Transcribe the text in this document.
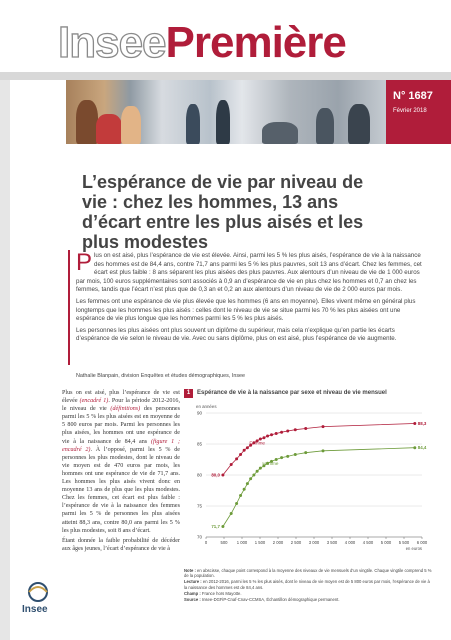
InseePremière
N° 1687
Février 2018
L’espérance de vie par niveau de vie : chez les hommes, 13 ans d’écart entre les plus aisés et les plus modestes

Plus on est aisé, plus l’espérance de vie est élevée. Ainsi, parmi les 5 % les plus aisés, l’espérance de vie à la naissance des hommes est de 84,4 ans, contre 71,7 ans parmi les 5 % les plus pauvres, soit 13 ans d’écart. Chez les femmes, cet écart est plus faible : 8 ans séparent les plus aisées des plus pauvres. Aux alentours d’un niveau de vie de 1 000 euros par mois, 100 euros supplémentaires sont associés à 0,9 an d’espérance de vie en plus chez les hommes et 0,7 an chez les femmes, tandis que l’écart n’est plus que de 0,3 an et 0,2 an aux alentours d’un niveau de vie de 2 000 euros par mois.

Les femmes ont une espérance de vie plus élevée que les hommes (6 ans en moyenne). Elles vivent même en général plus longtemps que les hommes les plus aisés : celles dont le niveau de vie se situe parmi les 70 % les plus aisées ont une espérance de vie plus longue que les hommes parmi les 5 % les plus aisés.

Les personnes les plus aisées ont plus souvent un diplôme du supérieur, mais cela n’explique qu’en partie les écarts d’espérance de vie selon le niveau de vie. Avec ou sans diplôme, plus on est aisé, plus l’espérance de vie augmente.

Nathalie Blanpain, division Enquêtes et études démographiques, Insee

Plus on est aisé, plus l’espérance de vie est élevée (encadré 1). Pour la période 2012-2016, le niveau de vie (définitions) des personnes parmi les 5 % les plus aisées est en moyenne de 5 800 euros par mois. Parmi les personnes les plus aisées, les hommes ont une espérance de vie à la naissance de 84,4 ans (figure 1 ; encadré 2). À l’opposé, parmi les 5 % de personnes les plus modestes, dont le niveau de vie moyen est de 470 euros par mois, les hommes ont une espérance de vie de 71,7 ans. Les hommes les plus aisés vivent donc en moyenne 13 ans de plus que les plus modestes. Chez les femmes, cet écart est plus faible : l’espérance de vie à la naissance des femmes parmi les 5 % de personnes les plus aisées atteint 88,3 ans, contre 80,0 ans parmi les 5 % les plus modestes, soit 8 ans d’écart.

Étant donnée la faible probabilité de décéder aux âges jeunes, l’écart d’espérance de vie à

Insee
1	Espérance de vie à la naissance par sexe et niveau de vie mensuel
en années
70
75
80
85
90
0	500 1 000 1 500 2 000 2 500 3 000 3 500 4 000 4 500 5 000 5 500 6 000
en euros
80,0
88,3
Femme
71,7
84,4
Homme

Note : en abscisse, chaque point correspond à la moyenne des niveaux de vie mensuels d’un vingtile. Chaque vingtile comprend 5 % de la population.

Lecture : en 2012-2016, parmi les 5 % les plus aisés, dont le niveau de vie moyen est de 5 800 euros par mois, l’espérance de vie à la naissance des hommes est de 84,4 ans.

Champ : France hors Mayotte.

Source : Insee-DGFiP-Cnaf-Cnav-CCMSA, Échantillon démographique permanent.
